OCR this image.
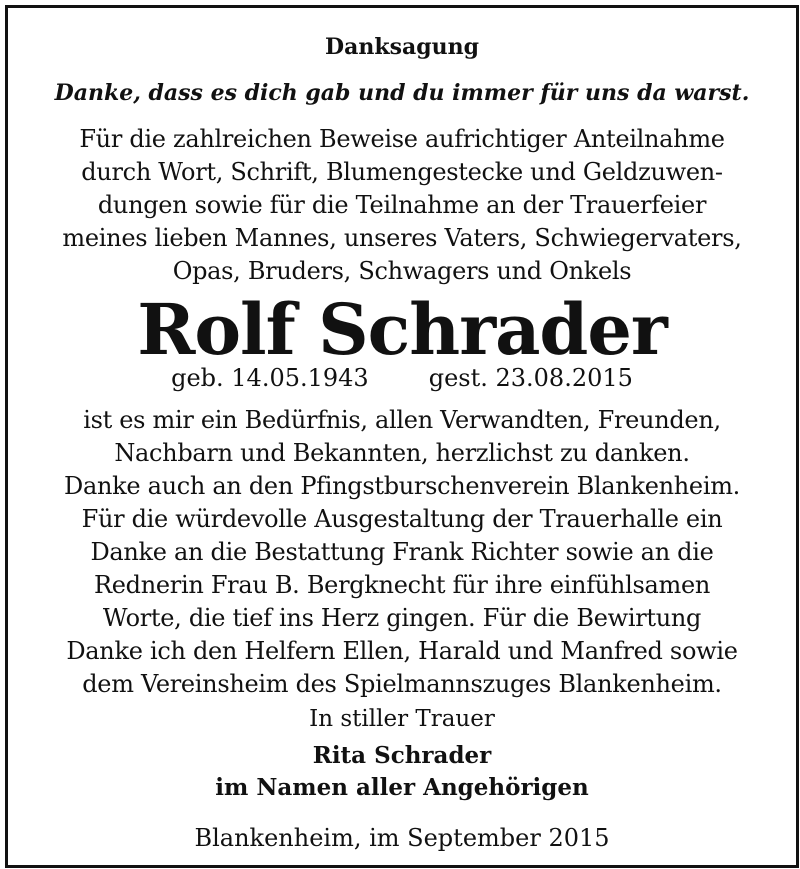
Danksagung
Danke, dass es dich gab und du immer für uns da warst.
Für die zahlreichen Beweise aufrichtiger Anteilnahme
durch Wort, Schrift, Blumengestecke und Geldzuwen-
dungen sowie für die Teilnahme an der Trauerfeier
meines lieben Mannes, unseres Vaters, Schwiegervaters,
Opas, Bruders, Schwagers und Onkels
Rolf Schrader
geb. 14.05.1943	gest. 23.08.2015
ist es mir ein Bedürfnis, allen Verwandten, Freunden,
Nachbarn und Bekannten, herzlichst zu danken.
Danke auch an den Pfingstburschenverein Blankenheim.
Für die würdevolle Ausgestaltung der Trauerhalle ein
Danke an die Bestattung Frank Richter sowie an die
Rednerin Frau B. Bergknecht für ihre einfühlsamen
Worte, die tief ins Herz gingen. Für die Bewirtung
Danke ich den Helfern Ellen, Harald und Manfred sowie
dem Vereinsheim des Spielmannszuges Blankenheim.
In stiller Trauer
Rita Schrader
im Namen aller Angehörigen
Blankenheim, im September 2015
